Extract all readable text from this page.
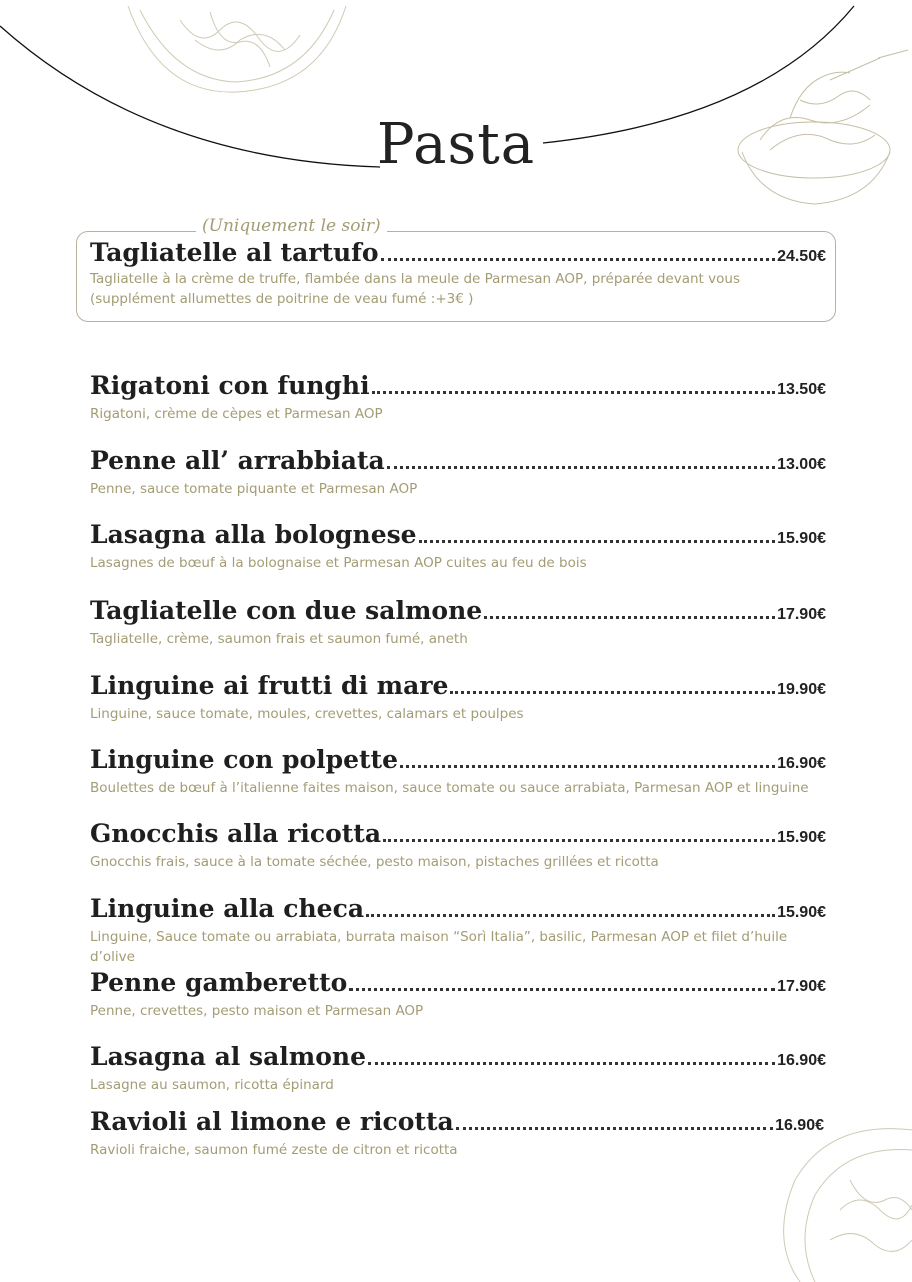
Pasta
(Uniquement le soir)
Tagliatelle al tartufo	24.50€
Tagliatelle à la crème de truffe, flambée dans la meule de Parmesan AOP, préparée devant vous
(supplément allumettes de poitrine de veau fumé :+3€ )
Rigatoni con funghi	13.50€
Rigatoni, crème de cèpes et Parmesan AOP
Penne all’ arrabbiata	13.00€
Penne, sauce tomate piquante et Parmesan AOP
Lasagna alla bolognese	15.90€
Lasagnes de bœuf à la bolognaise et Parmesan AOP cuites au feu de bois
Tagliatelle con due salmone	17.90€
Tagliatelle, crème, saumon frais et saumon fumé, aneth
Linguine ai frutti di mare	19.90€
Linguine, sauce tomate, moules, crevettes, calamars et poulpes
Linguine con polpette	16.90€
Boulettes de bœuf à l’italienne faites maison, sauce tomate ou sauce arrabiata, Parmesan AOP et linguine
Gnocchis alla ricotta	15.90€
Gnocchis frais, sauce à la tomate séchée, pesto maison, pistaches grillées et ricotta
Linguine alla checa	15.90€
Linguine, Sauce tomate ou arrabiata, burrata maison “Sorì Italia”, basilic, Parmesan AOP et filet d’huile d’olive
Penne gamberetto	17.90€
Penne, crevettes, pesto maison et Parmesan AOP
Lasagna al salmone	16.90€
Lasagne au saumon, ricotta épinard
Ravioli al limone e ricotta	16.90€
Ravioli fraiche, saumon fumé zeste de citron et ricotta
